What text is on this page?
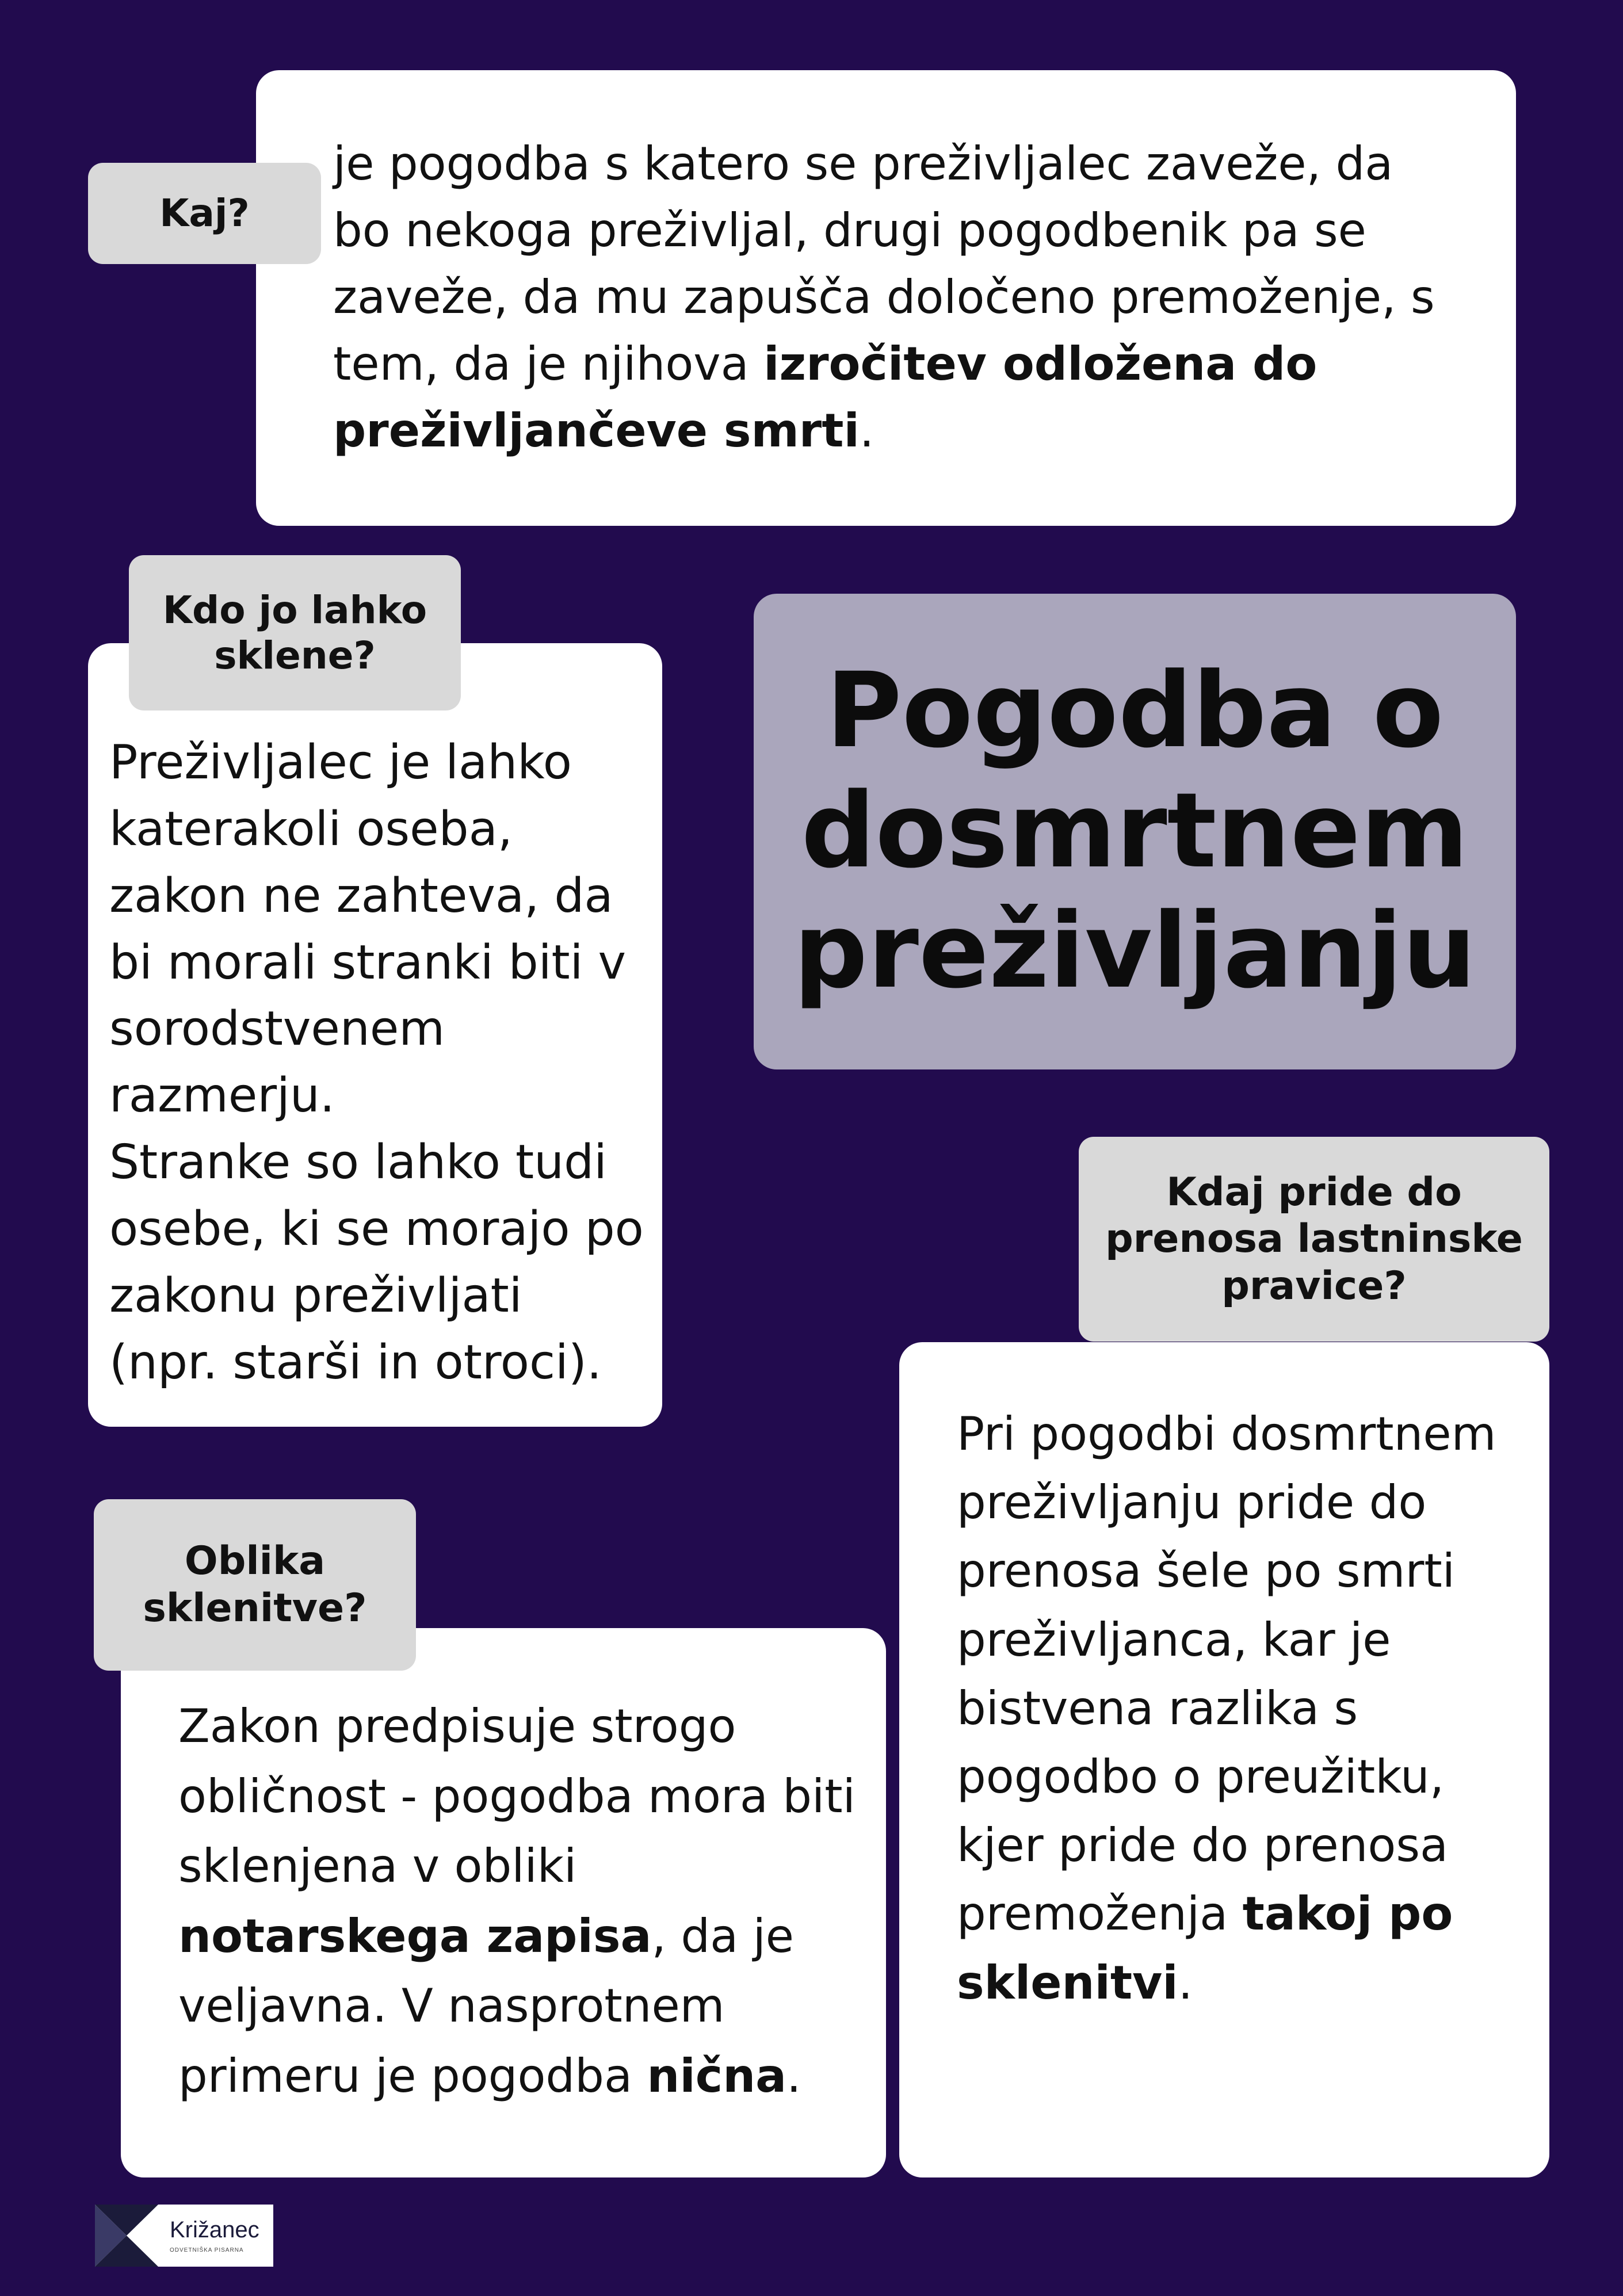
je pogodba s katero se preživljalec zaveže, da bo nekoga preživljal, drugi pogodbenik pa se zaveže, da mu zapušča določeno premoženje, s tem, da je njihova izročitev odložena do preživljančeve smrti.

Kaj?

Preživljalec je lahko katerakoli oseba, zakon ne zahteva, da bi morali stranki biti v sorodstvenem razmerju.

Stranke so lahko tudi osebe, ki se morajo po zakonu preživljati (npr. starši in otroci).

Kdo jo lahko sklene?	Pogodba o dosmrtnem preživljanju

Pri pogodbi dosmrtnem preživljanju pride do prenosa šele po smrti preživljanca, kar je bistvena razlika s pogodbo o preužitku, kjer pride do prenosa premoženja takoj po sklenitvi.

Kdaj pride do prenosa lastninske pravice?

Zakon predpisuje strogo obličnost - pogodba mora biti sklenjena v obliki notarskega zapisa, da je veljavna. V nasprotnem primeru je pogodba nična.

Oblika sklenitve?
Križanec
ODVETNIŠKA PISARNA
